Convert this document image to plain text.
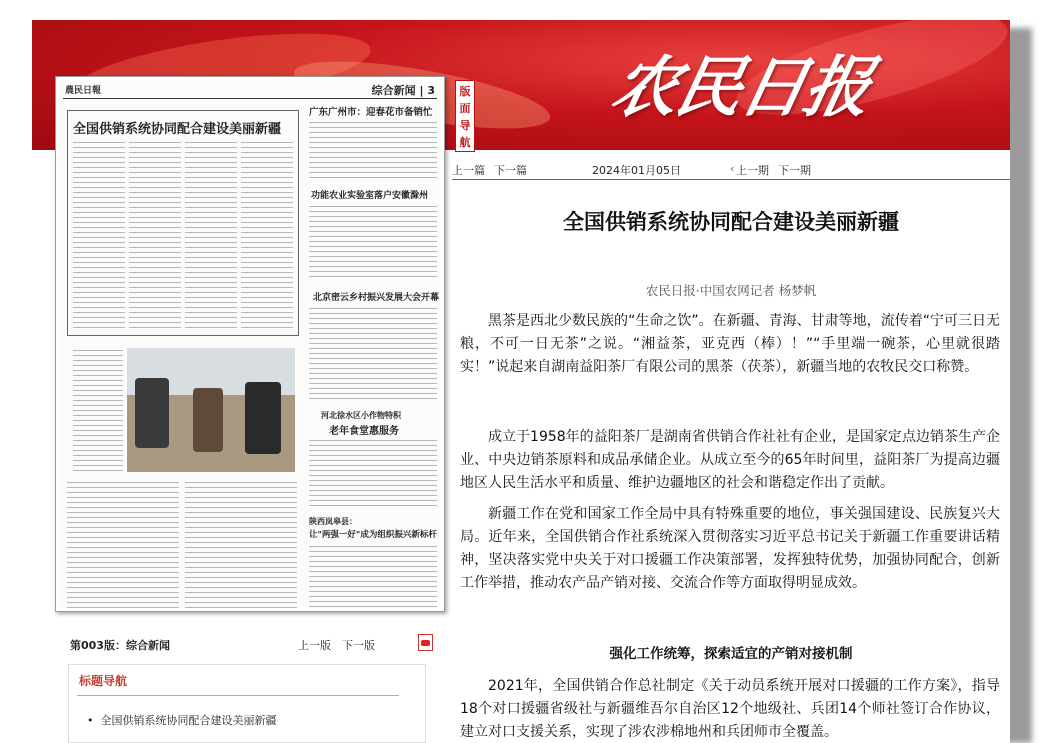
农民日报
版面导航
農民日報	综合新闻 | 3
全国供销系统协同配合建设美丽新疆
广东广州市：迎春花市备销忙
功能农业实验室落户安徽滁州
北京密云乡村振兴发展大会开幕
河北徐水区小作物特积
老年食堂惠服务
陕西岚皋县：
让"两强一好"成为组织振兴新标杆
上一篇 下一篇	2024年01月05日	‹ 上一期 下一期
全国供销系统协同配合建设美丽新疆
农民日报·中国农网记者 杨梦帆

黑茶是西北少数民族的“生命之饮”。在新疆、青海、甘肃等地，流传着“宁可三日无粮，不可一日无茶”之说。“湘益茶，亚克西（棒）！”“手里端一碗茶，心里就很踏实！”说起来自湖南益阳茶厂有限公司的黑茶（茯茶），新疆当地的农牧民交口称赞。

成立于1958年的益阳茶厂是湖南省供销合作社社有企业，是国家定点边销茶生产企业、中央边销茶原料和成品承储企业。从成立至今的65年时间里，益阳茶厂为提高边疆地区人民生活水平和质量、维护边疆地区的社会和谐稳定作出了贡献。

新疆工作在党和国家工作全局中具有特殊重要的地位，事关强国建设、民族复兴大局。近年来，全国供销合作社系统深入贯彻落实习近平总书记关于新疆工作重要讲话精神，坚决落实党中央关于对口援疆工作决策部署，发挥独特优势，加强协同配合，创新工作举措，推动农产品产销对接、交流合作等方面取得明显成效。

强化工作统筹，探索适宜的产销对接机制

2021年，全国供销合作总社制定《关于动员系统开展对口援疆的工作方案》，指导18个对口援疆省级社与新疆维吾尔自治区12个地级社、兵团14个师社签订合作协议，建立对口支援关系，实现了涉农涉棉地州和兵团师市全覆盖。

第003版：综合新闻	上一版 下一版
标题导航
•  全国供销系统协同配合建设美丽新疆
